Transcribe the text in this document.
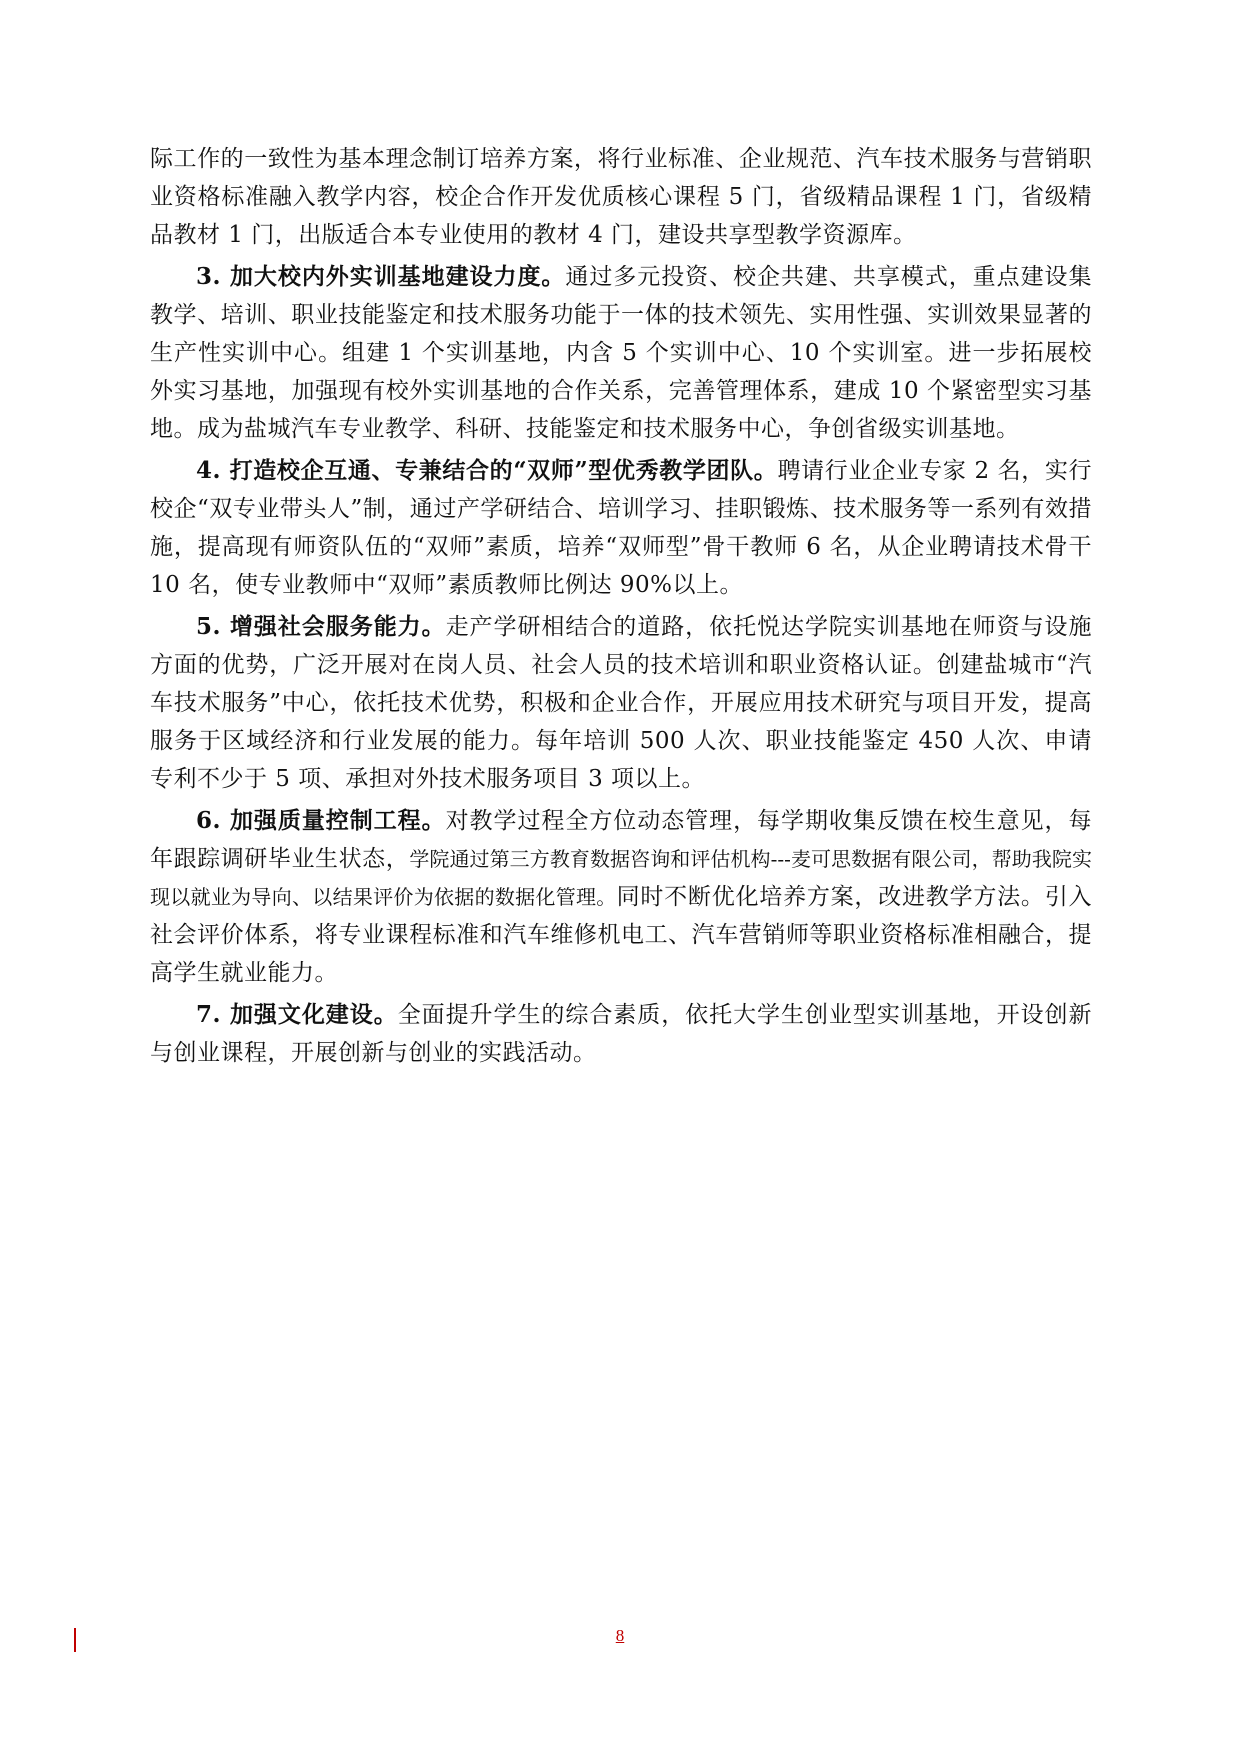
际工作的一致性为基本理念制订培养方案，将行业标准、企业规范、汽车技术服务与营销职业资格标准融入教学内容，校企合作开发优质核心课程 5 门，省级精品课程 1 门，省级精品教材 1 门，出版适合本专业使用的教材 4 门，建设共享型教学资源库。

3. 加大校内外实训基地建设力度。通过多元投资、校企共建、共享模式，重点建设集教学、培训、职业技能鉴定和技术服务功能于一体的技术领先、实用性强、实训效果显著的生产性实训中心。组建 1 个实训基地，内含 5 个实训中心、10 个实训室。进一步拓展校外实习基地，加强现有校外实训基地的合作关系，完善管理体系，建成 10 个紧密型实习基地。成为盐城汽车专业教学、科研、技能鉴定和技术服务中心，争创省级实训基地。

4. 打造校企互通、专兼结合的“双师”型优秀教学团队。聘请行业企业专家 2 名，实行校企“双专业带头人”制，通过产学研结合、培训学习、挂职锻炼、技术服务等一系列有效措施，提高现有师资队伍的“双师”素质，培养“双师型”骨干教师 6 名，从企业聘请技术骨干 10 名，使专业教师中“双师”素质教师比例达 90%以上。

5. 增强社会服务能力。走产学研相结合的道路，依托悦达学院实训基地在师资与设施方面的优势，广泛开展对在岗人员、社会人员的技术培训和职业资格认证。创建盐城市“汽车技术服务”中心，依托技术优势，积极和企业合作，开展应用技术研究与项目开发，提高服务于区域经济和行业发展的能力。每年培训 500 人次、职业技能鉴定 450 人次、申请专利不少于 5 项、承担对外技术服务项目 3 项以上。

6. 加强质量控制工程。对教学过程全方位动态管理，每学期收集反馈在校生意见，每年跟踪调研毕业生状态，学院通过第三方教育数据咨询和评估机构---麦可思数据有限公司，帮助我院实现以就业为导向、以结果评价为依据的数据化管理。同时不断优化培养方案，改进教学方法。引入社会评价体系，将专业课程标准和汽车维修机电工、汽车营销师等职业资格标准相融合，提高学生就业能力。

7. 加强文化建设。全面提升学生的综合素质，依托大学生创业型实训基地，开设创新与创业课程，开展创新与创业的实践活动。

8
